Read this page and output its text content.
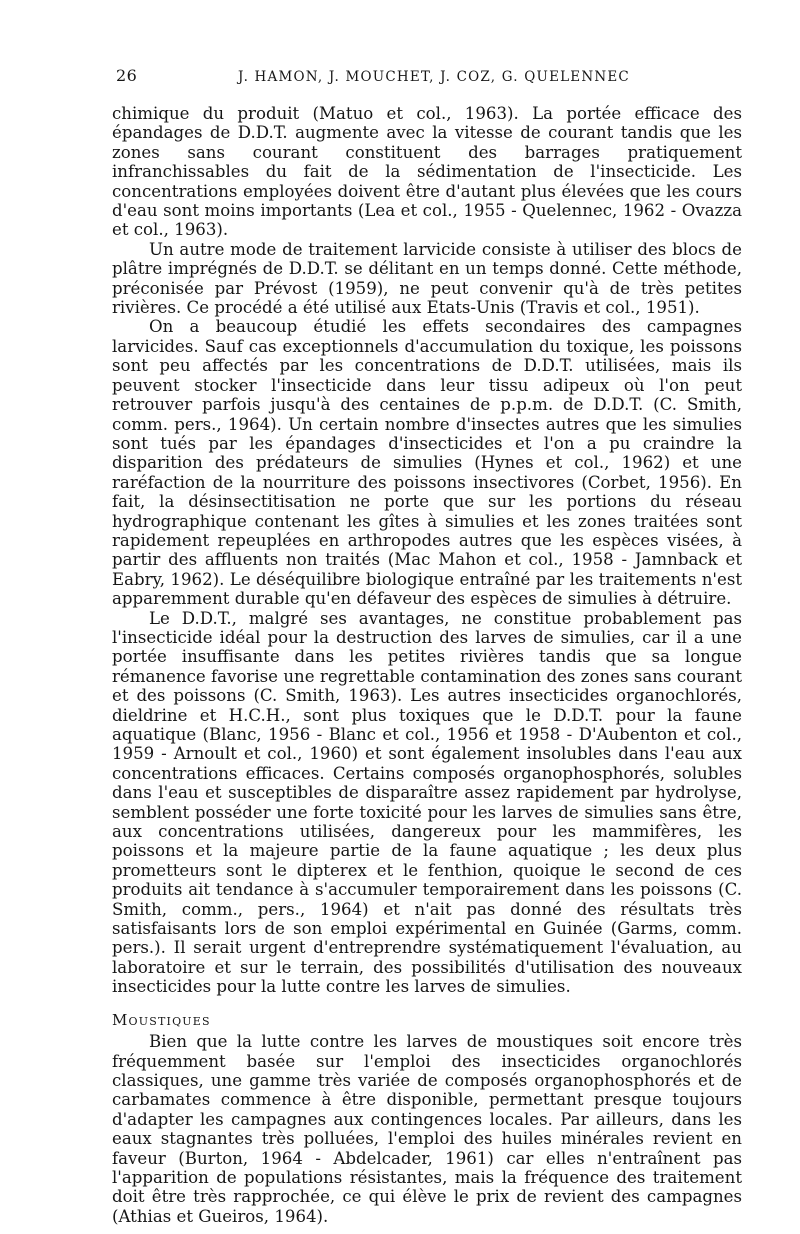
26	J. HAMON, J. MOUCHET, J. COZ, G. QUELENNEC

chimique du produit (Matuo et col., 1963). La portée efficace des épandages de D.D.T. augmente avec la vitesse de courant tandis que les zones sans courant constituent des barrages pratiquement infranchissables du fait de la sédimentation de l'insecticide. Les concentrations employées doivent être d'autant plus élevées que les cours d'eau sont moins importants (Lea et col., 1955 - Quelennec, 1962 - Ovazza et col., 1963).

Un autre mode de traitement larvicide consiste à utiliser des blocs de plâtre imprégnés de D.D.T. se délitant en un temps donné. Cette méthode, préconisée par Prévost (1959), ne peut convenir qu'à de très petites rivières. Ce procédé a été utilisé aux Etats-Unis (Travis et col., 1951).

On a beaucoup étudié les effets secondaires des campagnes larvicides. Sauf cas exceptionnels d'accumulation du toxique, les poissons sont peu affectés par les concentrations de D.D.T. utilisées, mais ils peuvent stocker l'insecticide dans leur tissu adipeux où l'on peut retrouver parfois jusqu'à des centaines de p.p.m. de D.D.T. (C. Smith, comm. pers., 1964). Un certain nombre d'insectes autres que les simulies sont tués par les épandages d'insecticides et l'on a pu craindre la disparition des prédateurs de simulies (Hynes et col., 1962) et une raréfaction de la nourriture des poissons insectivores (Corbet, 1956). En fait, la désinsectitisation ne porte que sur les portions du réseau hydrographique contenant les gîtes à simulies et les zones traitées sont rapidement repeuplées en arthropodes autres que les espèces visées, à partir des affluents non traités (Mac Mahon et col., 1958 - Jamnback et Eabry, 1962). Le déséquilibre biologique entraîné par les traitements n'est apparemment durable qu'en défaveur des espèces de simulies à détruire.

Le D.D.T., malgré ses avantages, ne constitue probablement pas l'insecticide idéal pour la destruction des larves de simulies, car il a une portée insuffisante dans les petites rivières tandis que sa longue rémanence favorise une regrettable contamination des zones sans courant et des poissons (C. Smith, 1963). Les autres insecticides organochlorés, dieldrine et H.C.H., sont plus toxiques que le D.D.T. pour la faune aquatique (Blanc, 1956 - Blanc et col., 1956 et 1958 - D'Aubenton et col., 1959 - Arnoult et col., 1960) et sont également insolubles dans l'eau aux concentrations efficaces. Certains composés organophosphorés, solubles dans l'eau et susceptibles de disparaître assez rapidement par hydrolyse, semblent posséder une forte toxicité pour les larves de simulies sans être, aux concentrations utilisées, dangereux pour les mammifères, les poissons et la majeure partie de la faune aquatique ; les deux plus prometteurs sont le dipterex et le fenthion, quoique le second de ces produits ait tendance à s'accumuler temporairement dans les poissons (C. Smith, comm., pers., 1964) et n'ait pas donné des résultats très satisfaisants lors de son emploi expérimental en Guinée (Garms, comm. pers.). Il serait urgent d'entreprendre systématiquement l'évaluation, au laboratoire et sur le terrain, des possibilités d'utilisation des nouveaux insecticides pour la lutte contre les larves de simulies.

Moustiques

Bien que la lutte contre les larves de moustiques soit encore très fréquemment basée sur l'emploi des insecticides organochlorés classiques, une gamme très variée de composés organophosphorés et de carbamates commence à être disponible, permettant presque toujours d'adapter les campagnes aux contingences locales. Par ailleurs, dans les eaux stagnantes très polluées, l'emploi des huiles minérales revient en faveur (Burton, 1964 - Abdelcader, 1961) car elles n'entraînent pas l'apparition de populations résistantes, mais la fréquence des traitement doit être très rapprochée, ce qui élève le prix de revient des campagnes (Athias et Gueiros, 1964).
